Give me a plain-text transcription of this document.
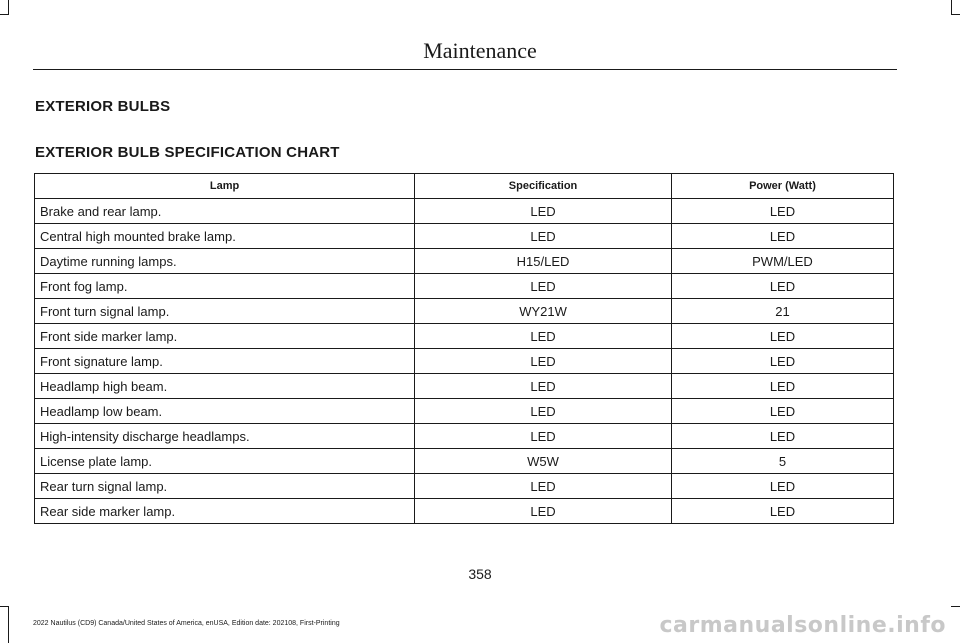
Maintenance
EXTERIOR BULBS
EXTERIOR BULB SPECIFICATION CHART
Lamp	Specification	Power (Watt)
Brake and rear lamp.	LED	LED
Central high mounted brake lamp.	LED	LED
Daytime running lamps.	H15/LED	PWM/LED
Front fog lamp.	LED	LED
Front turn signal lamp.	WY21W	21
Front side marker lamp.	LED	LED
Front signature lamp.	LED	LED
Headlamp high beam.	LED	LED
Headlamp low beam.	LED	LED
High-intensity discharge headlamps.	LED	LED
License plate lamp.	W5W	5
Rear turn signal lamp.	LED	LED
Rear side marker lamp.	LED	LED
358
2022 Nautilus (CD9) Canada/United States of America, enUSA, Edition date: 202108, First-Printing	carmanualsonline.info
